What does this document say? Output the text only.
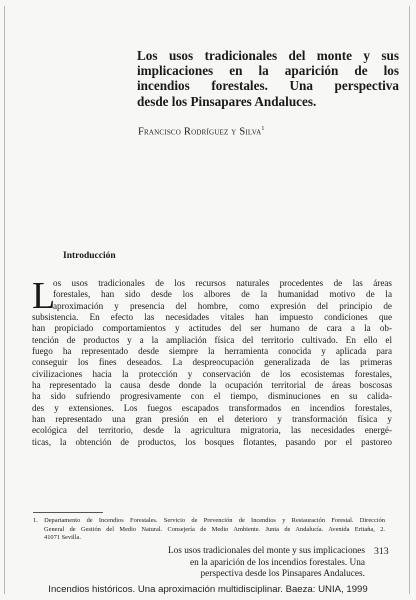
Los usos tradicionales del monte y sus
implicaciones en la aparición de los
incendios forestales. Una perspectiva
desde los Pinsapares Andaluces.
Francisco Rodríguez y Silva$^1$
Introducción
L
os usos tradicionales de los recursos naturales procedentes de las áreas
forestales, han sido desde los albores de la humanidad motivo de la
aproximación y presencia del hombre, como expresión del principio de
subsistencia. En efecto las necesidades vitales han impuesto condiciones que
han propiciado comportamientos y actitudes del ser humano de cara a la ob-
tención de productos y a la ampliación física del territorio cultivado. En ello el
fuego ha representado desde siempre la herramienta conocida y aplicada para
conseguir los fines deseados. La despreocupación generalizada de las primeras
civilizaciones hacia la protección y conservación de los ecosistemas forestales,
ha representado la causa desde donde la ocupación territorial de áreas boscosas
ha sido sufriendo progresivamente con el tiempo, disminuciones en su calida-
des y extensiones. Los fuegos escapados transformados en incendios forestales,
han representado una gran presión en el deterioro y transformación física y
ecológica del territorio, desde la agricultura migratoria, las necesidades energé-
ticas, la obtención de productos, los bosques flotantes, pasando por el pastoreo
1. Departamento de Incendios Forestales. Servicio de Prevención de Incendios y Restauración Forestal. Dirección
General de Gestión del Medio Natural. Consejería de Medio Ambiente. Junta de Andalucía. Avenida Eritaña, 2.
41071 Sevilla.
Los usos tradicionales del monte y sus implicaciones
en la aparición de los incendios forestales. Una
perspectiva desde los Pinsapares Andaluces.
313
Incendios históricos. Una aproximación multidisciplinar. Baeza: UNIA, 1999
